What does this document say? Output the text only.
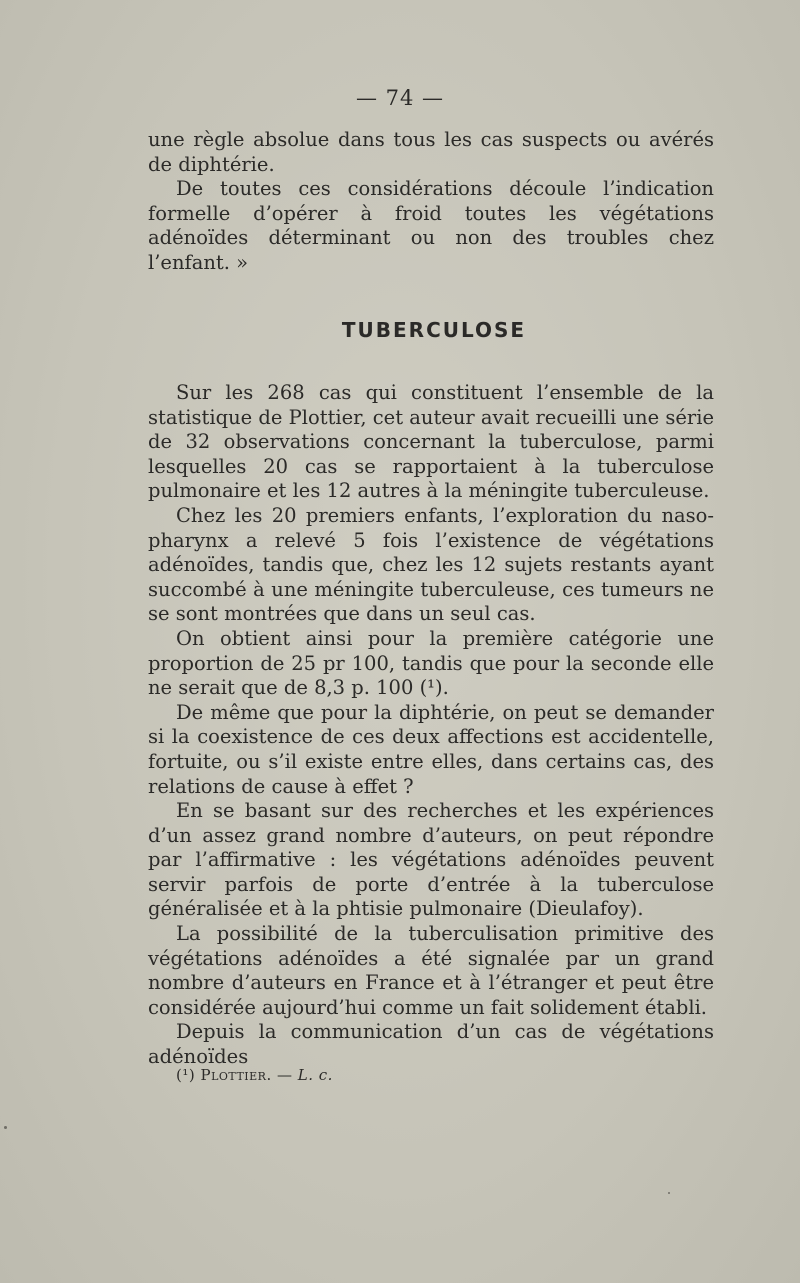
— 74 —

une règle absolue dans tous les cas suspects ou avérés de diphtérie.

De toutes ces considérations découle l’indication formelle d’opérer à froid toutes les végétations adénoïdes déterminant ou non des troubles chez l’enfant. »

TUBERCULOSE

Sur les 268 cas qui constituent l’ensemble de la statistique de Plottier, cet auteur avait recueilli une série de 32 observations concernant la tuberculose, parmi lesquelles 20 cas se rapportaient à la tuberculose pulmonaire et les 12 autres à la méningite tuberculeuse.

Chez les 20 premiers enfants, l’exploration du naso-pharynx a relevé 5 fois l’existence de végétations adénoïdes, tandis que, chez les 12 sujets restants ayant succombé à une méningite tuberculeuse, ces tumeurs ne se sont montrées que dans un seul cas.

On obtient ainsi pour la première catégorie une proportion de 25 pr 100, tandis que pour la seconde elle ne serait que de 8,3 p. 100 (¹).

De même que pour la diphtérie, on peut se demander si la coexistence de ces deux affections est accidentelle, fortuite, ou s’il existe entre elles, dans certains cas, des relations de cause à effet ?

En se basant sur des recherches et les expériences d’un assez grand nombre d’auteurs, on peut répondre par l’affirmative : les végétations adénoïdes peuvent servir parfois de porte d’entrée à la tuberculose généralisée et à la phtisie pulmonaire (Dieulafoy).

La possibilité de la tuberculisation primitive des végétations adénoïdes a été signalée par un grand nombre d’auteurs en France et à l’étranger et peut être considérée aujourd’hui comme un fait solidement établi.

Depuis la communication d’un cas de végétations adénoïdes

(¹) Plottier. — L. c.
